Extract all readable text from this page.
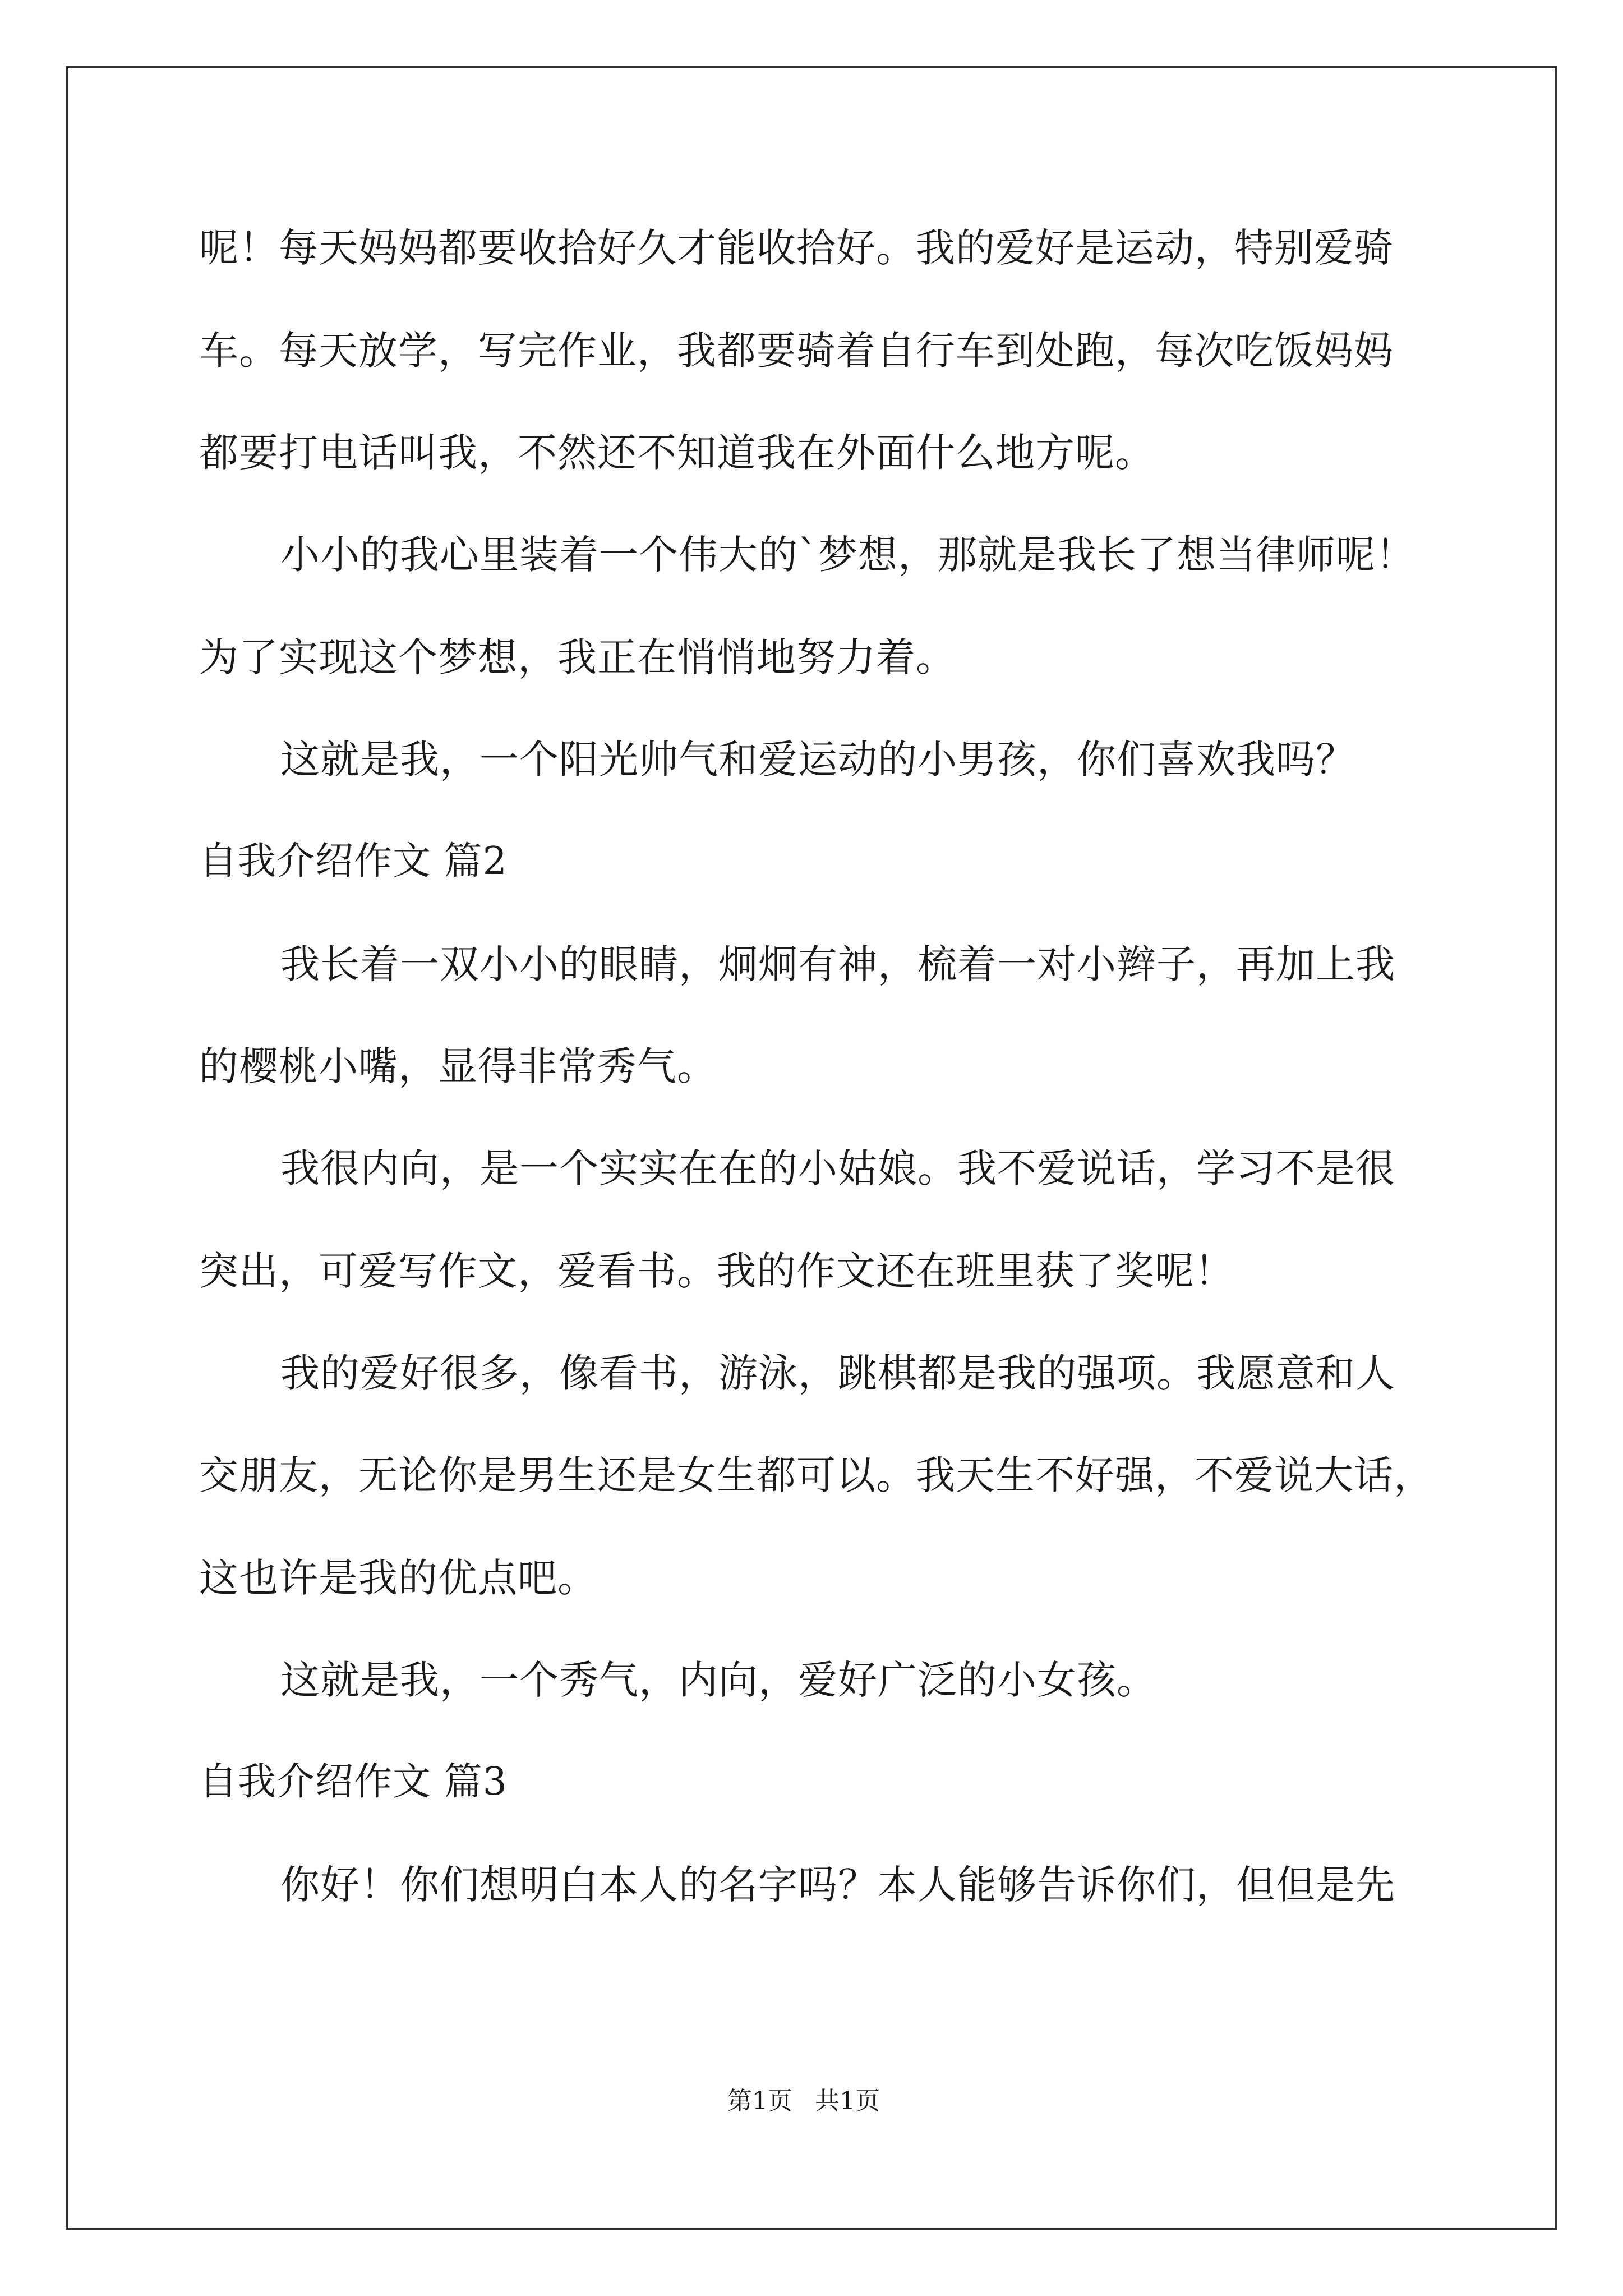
呢！每天妈妈都要收拾好久才能收拾好。我的爱好是运动，特别爱骑

车。每天放学，写完作业，我都要骑着自行车到处跑，每次吃饭妈妈

都要打电话叫我，不然还不知道我在外面什么地方呢。

小小的我心里装着一个伟大的`梦想，那就是我长了想当律师呢！

为了实现这个梦想，我正在悄悄地努力着。

这就是我，一个阳光帅气和爱运动的小男孩，你们喜欢我吗？

自我介绍作文 篇2

我长着一双小小的眼睛，炯炯有神，梳着一对小辫子，再加上我

的樱桃小嘴，显得非常秀气。

我很内向，是一个实实在在的小姑娘。我不爱说话，学习不是很

突出，可爱写作文，爱看书。我的作文还在班里获了奖呢！

我的爱好很多，像看书，游泳，跳棋都是我的强项。我愿意和人

交朋友，无论你是男生还是女生都可以。我天生不好强，不爱说大话，

这也许是我的优点吧。

这就是我，一个秀气，内向，爱好广泛的小女孩。

自我介绍作文 篇3

你好！你们想明白本人的名字吗？本人能够告诉你们，但但是先

第1页 共1页
